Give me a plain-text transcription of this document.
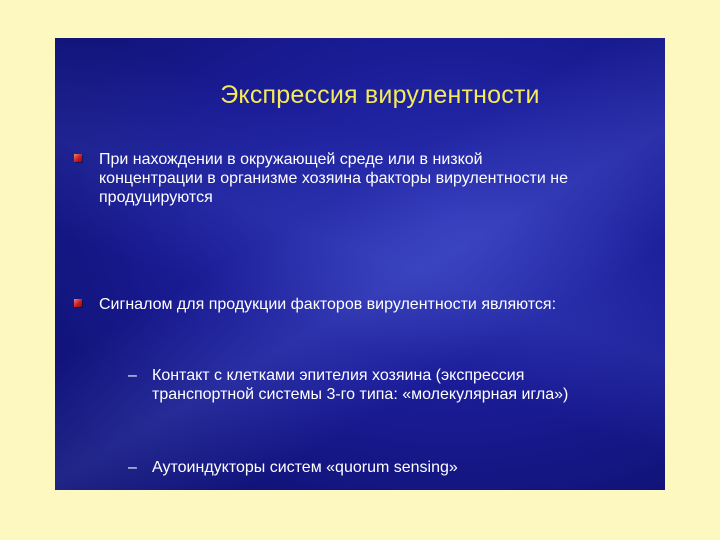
Экспрессия вирулентности
При нахождении в окружающей среде или в низкой
концентрации в организме хозяина факторы вирулентности не
продуцируются
Сигналом для продукции факторов вирулентности являются:
– Контакт с клетками эпителия хозяина (экспрессия
транспортной системы 3-го типа: «молекулярная игла»)
– Аутоиндукторы систем «quorum sensing»
